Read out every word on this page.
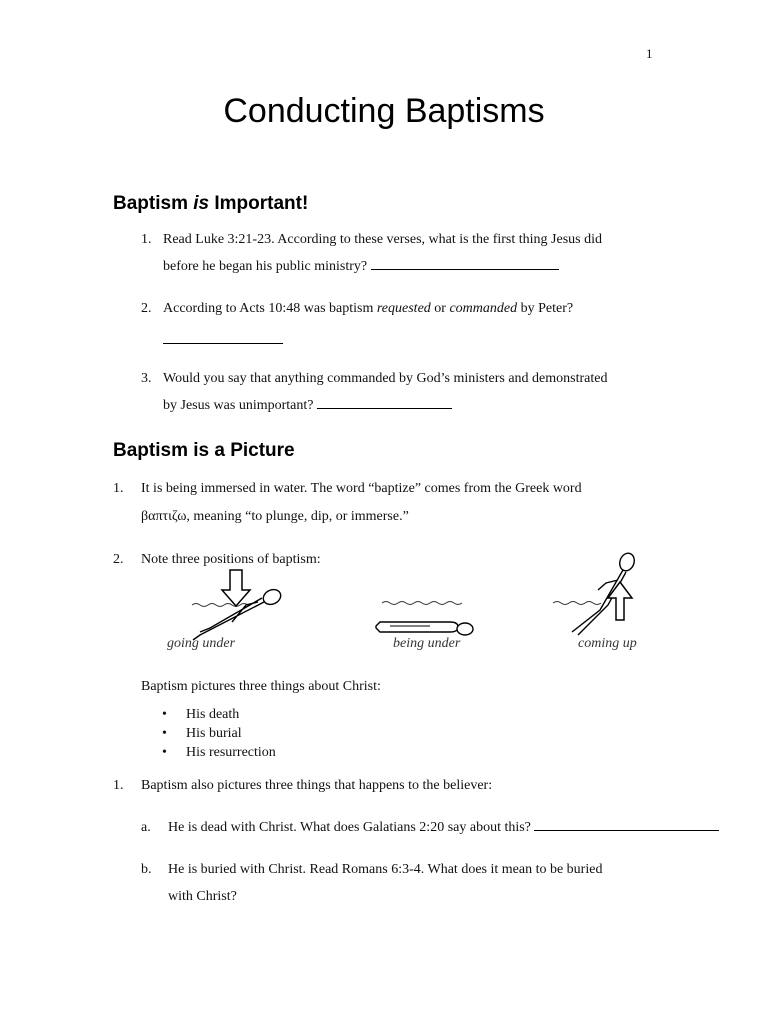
1
Conducting Baptisms
Baptism is Important!
1. Read Luke 3:21-23. According to these verses, what is the first thing Jesus did
before he began his public ministry?
2. According to Acts 10:48 was baptism requested or commanded by Peter?
3. Would you say that anything commanded by God’s ministers and demonstrated
by Jesus was unimportant?
Baptism is a Picture
1. It is being immersed in water. The word “baptize” comes from the Greek word
βαπτιζω, meaning “to plunge, dip, or immerse.”
2. Note three positions of baptism:
going under	being under	coming up
Baptism pictures three things about Christ:
• His death
• His burial
• His resurrection
1. Baptism also pictures three things that happens to the believer:
a. He is dead with Christ. What does Galatians 2:20 say about this?
b. He is buried with Christ. Read Romans 6:3-4. What does it mean to be buried
with Christ?
